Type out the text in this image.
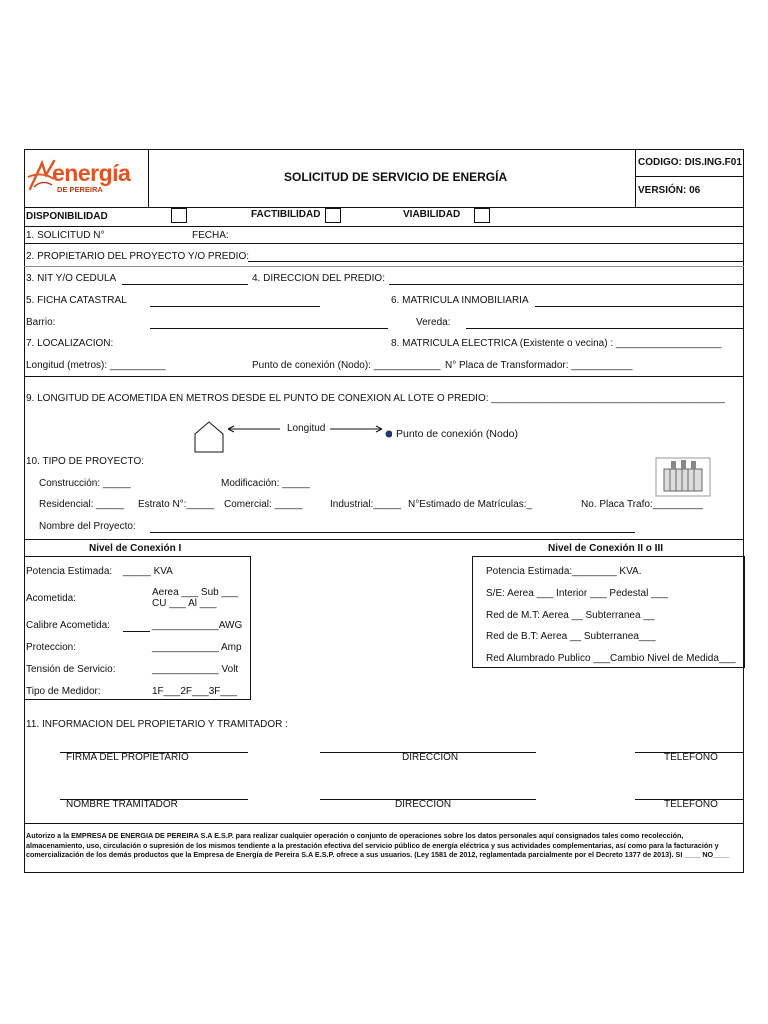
energía
DE PEREIRA
SOLICITUD DE SERVICIO DE ENERGÍA
CODIGO: DIS.ING.F01
VERSIÓN: 06
DISPONIBILIDAD	FACTIBILIDAD	VIABILIDAD
1. SOLICITUD N°	FECHA:
2. PROPIETARIO DEL PROYECTO Y/O PREDIO:
3. NIT Y/O CEDULA	4. DIRECCION DEL PREDIO:
5. FICHA CATASTRAL	6. MATRICULA INMOBILIARIA
Barrio:	Vereda:
7. LOCALIZACION:	8. MATRICULA ELECTRICA (Existente o vecina) : ___________________
Longitud (metros): __________	Punto de conexión (Nodo): ____________ N° Placa de Transformador: ___________
9. LONGITUD DE ACOMETIDA EN METROS DESDE EL PUNTO DE CONEXION AL LOTE O PREDIO: __________________________________________
Longitud	Punto de conexión (Nodo)
10. TIPO DE PROYECTO:
Construcción: _____	Modificación: _____
Residencial: _____ Estrato N°:_____ Comercial: _____	Industrial:_____ N°Estimado de Matrículas:_	No. Placa Trafo:_________
Nombre del Proyecto:
Nivel de Conexión I
Potencia Estimada: _____ KVA
Acometida:
Aerea ___ Sub ___
CU ___ Al ___
Calibre Acometida:	____________AWG
Proteccion:	____________ Amp
Tensión de Servicio:	____________ Volt
Tipo de Medidor:	1F___2F___3F___
Nivel de Conexión II o III
Potencia Estimada:________ KVA.
S/E: Aerea ___ Interior ___ Pedestal ___
Red de M.T: Aerea __ Subterranea __
Red de B.T: Aerea __ Subterranea___
Red Alumbrado Publico ___Cambio Nivel de Medida___
11. INFORMACION DEL PROPIETARIO Y TRAMITADOR :
FIRMA DEL PROPIETARIO	DIRECCION	TELEFONO
NOMBRE TRAMITADOR	DIRECCION	TELEFONO
Autorizo a la EMPRESA DE ENERGIA DE PEREIRA S.A E.S.P. para realizar cualquier operación o conjunto de operaciones sobre los datos personales aquí consignados tales como recolección, almacenamiento, uso, circulación o supresión de los mismos tendiente a la prestación efectiva del servicio público de energía eléctrica y sus actividades complementarias, así como para la facturación y comercialización de los demás productos que la Empresa de Energía de Pereira S.A E.S.P. ofrece a sus usuarios. (Ley 1581 de 2012, reglamentada parcialmente por el Decreto 1377 de 2013). SI ____ NO____
